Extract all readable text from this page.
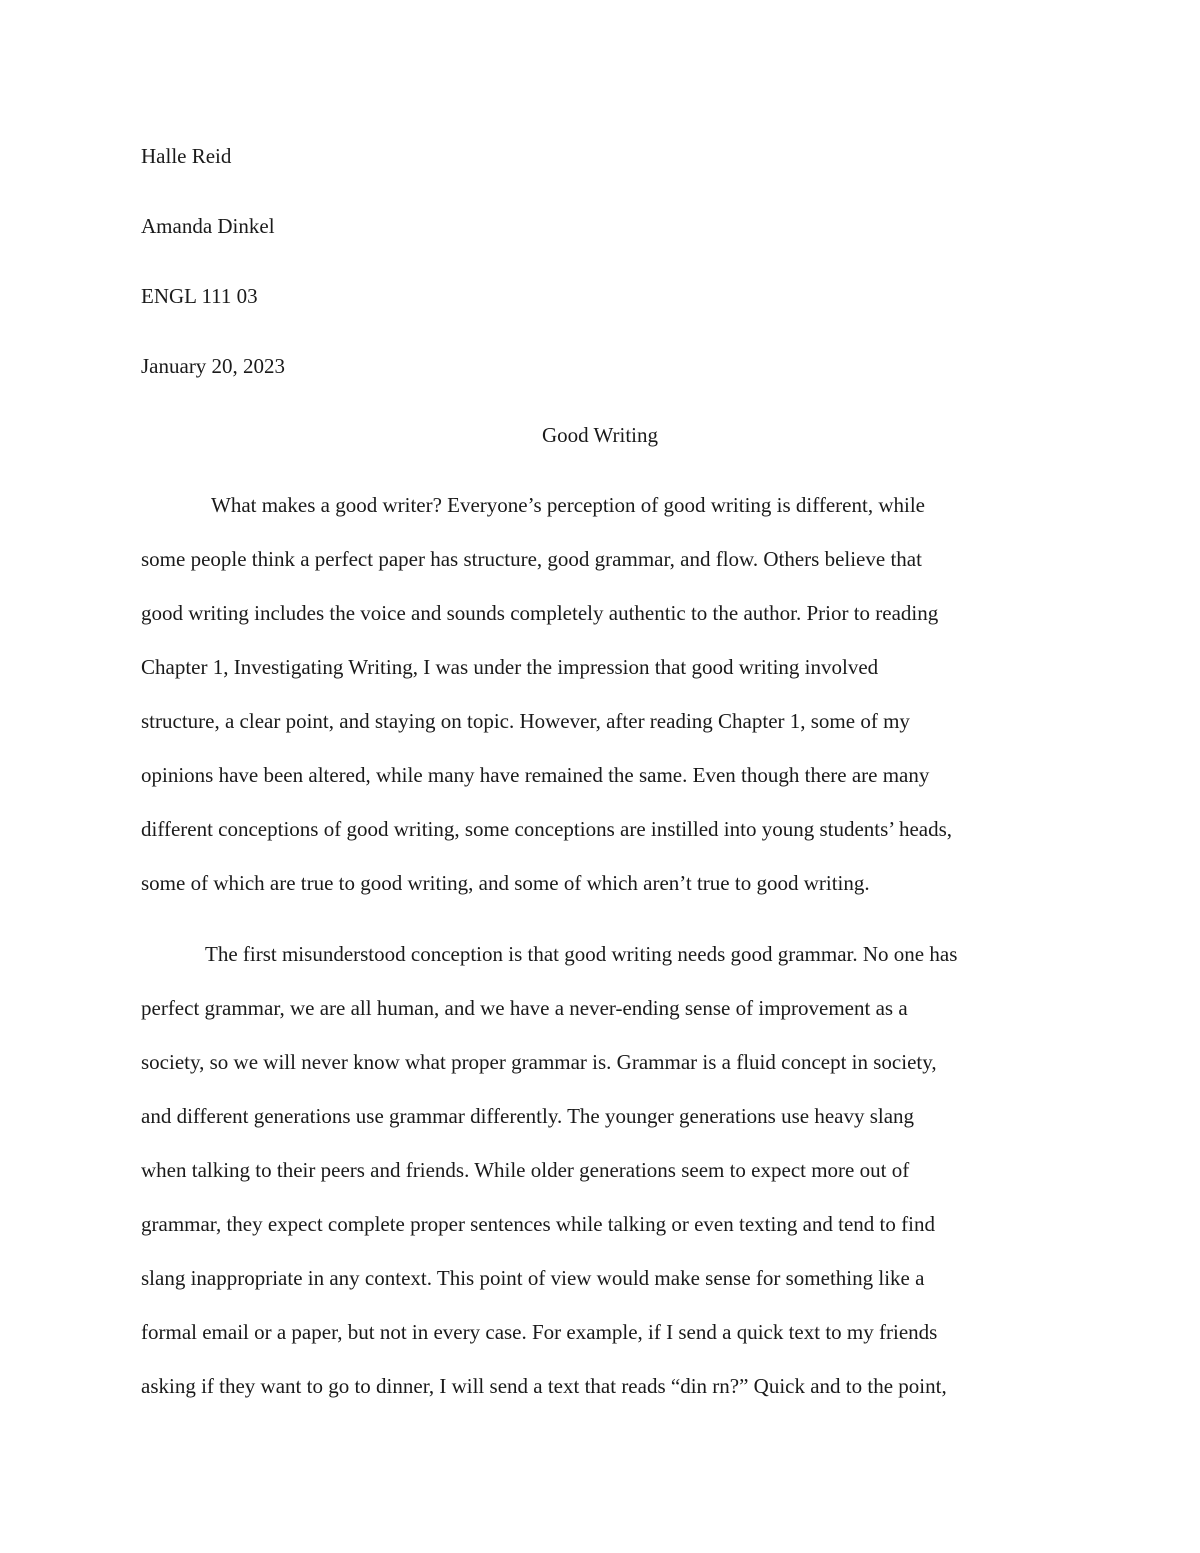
Halle Reid
Amanda Dinkel
ENGL 111 03
January 20, 2023
Good Writing
What makes a good writer? Everyone’s perception of good writing is different, while
some people think a perfect paper has structure, good grammar, and flow. Others believe that
good writing includes the voice and sounds completely authentic to the author. Prior to reading
Chapter 1, Investigating Writing, I was under the impression that good writing involved
structure, a clear point, and staying on topic. However, after reading Chapter 1, some of my
opinions have been altered, while many have remained the same. Even though there are many
different conceptions of good writing, some conceptions are instilled into young students’ heads,
some of which are true to good writing, and some of which aren’t true to good writing.
The first misunderstood conception is that good writing needs good grammar. No one has
perfect grammar, we are all human, and we have a never-ending sense of improvement as a
society, so we will never know what proper grammar is. Grammar is a fluid concept in society,
and different generations use grammar differently. The younger generations use heavy slang
when talking to their peers and friends. While older generations seem to expect more out of
grammar, they expect complete proper sentences while talking or even texting and tend to find
slang inappropriate in any context. This point of view would make sense for something like a
formal email or a paper, but not in every case. For example, if I send a quick text to my friends
asking if they want to go to dinner, I will send a text that reads “din rn?” Quick and to the point,
